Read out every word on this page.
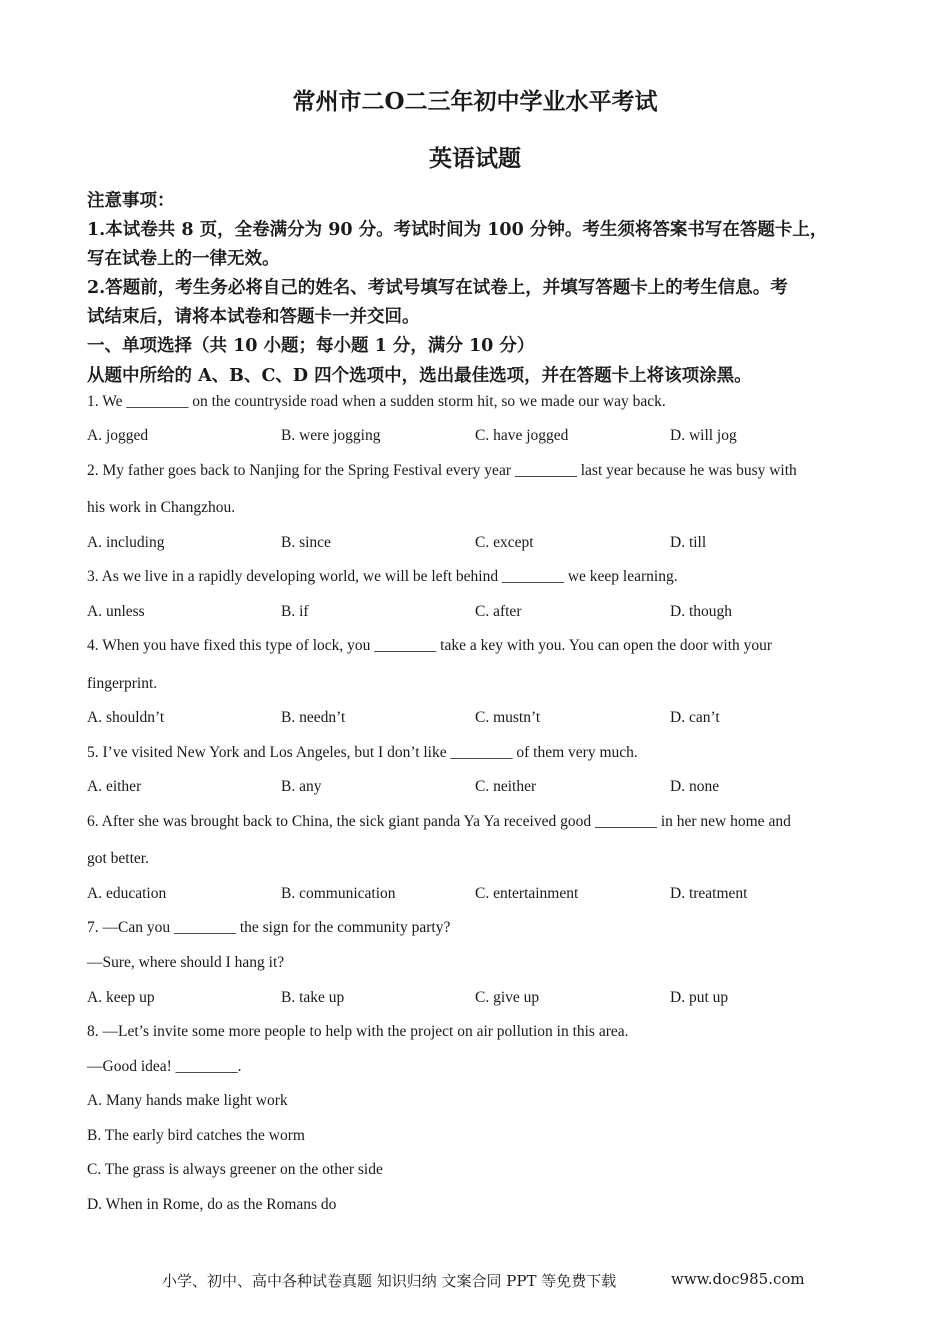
常州市二O二三年初中学业水平考试
英语试题
注意事项：
1.本试卷共 8 页，全卷满分为 90 分。考试时间为 100 分钟。考生须将答案书写在答题卡上，
写在试卷上的一律无效。
2.答题前，考生务必将自己的姓名、考试号填写在试卷上，并填写答题卡上的考生信息。考
试结束后，请将本试卷和答题卡一并交回。
一、单项选择（共 10 小题；每小题 1 分，满分 10 分）
从题中所给的 A、B、C、D 四个选项中，选出最佳选项，并在答题卡上将该项涂黑。
1. We ________ on the countryside road when a sudden storm hit, so we made our way back.
A. jogged	B. were jogging	C. have jogged	D. will jog
2. My father goes back to Nanjing for the Spring Festival every year ________ last year because he was busy with
his work in Changzhou.
A. including	B. since	C. except	D. till
3. As we live in a rapidly developing world, we will be left behind ________ we keep learning.
A. unless	B. if	C. after	D. though
4. When you have fixed this type of lock, you ________ take a key with you. You can open the door with your
fingerprint.
A. shouldn’t	B. needn’t	C. mustn’t	D. can’t
5. I’ve visited New York and Los Angeles, but I don’t like ________ of them very much.
A. either	B. any	C. neither	D. none
6. After she was brought back to China, the sick giant panda Ya Ya received good ________ in her new home and
got better.
A. education	B. communication	C. entertainment	D. treatment
7. —Can you ________ the sign for the community party?
—Sure, where should I hang it?
A. keep up	B. take up	C. give up	D. put up
8. —Let’s invite some more people to help with the project on air pollution in this area.
—Good idea! ________.
A. Many hands make light work
B. The early bird catches the worm
C. The grass is always greener on the other side
D. When in Rome, do as the Romans do
小学、初中、高中各种试卷真题 知识归纳 文案合同 PPT 等免费下载	www.doc985.com
